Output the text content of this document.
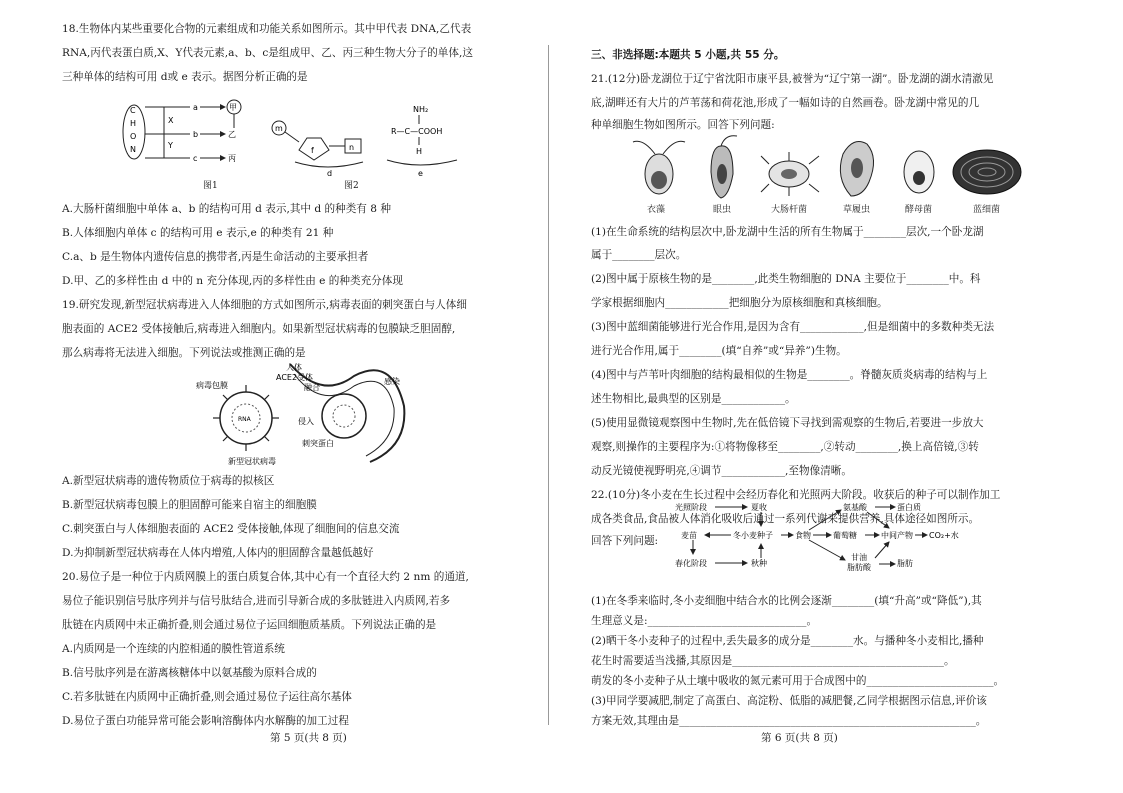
18.生物体内某些重要化合物的元素组成和功能关系如图所示。其中甲代表 DNA,乙代表
RNA,丙代表蛋白质,X、Y代表元素,a、b、c是组成甲、乙、丙三种生物大分子的单体,这
三种单体的结构可用 d或 e 表示。据图分析正确的是
C
H
O
N
X
Y
a
b
c
甲
乙
丙
图1
m
f	n
d
NH₂
R—C—COOH
H
e
图2
A.大肠杆菌细胞中单体 a、b 的结构可用 d 表示,其中 d 的种类有 8 种
B.人体细胞内单体 c 的结构可用 e 表示,e 的种类有 21 种
C.a、b 是生物体内遗传信息的携带者,丙是生命活动的主要承担者
D.甲、乙的多样性由 d 中的 n 充分体现,丙的多样性由 e 的种类充分体现
19.研究发现,新型冠状病毒进入人体细胞的方式如图所示,病毒表面的刺突蛋白与人体细
胞表面的 ACE2 受体接触后,病毒进入细胞内。如果新型冠状病毒的包膜缺乏胆固醇,
那么病毒将无法进入细胞。下列说法或推测正确的是
RNA
人体
ACE2受体
病毒包膜	融合
感染
侵入
刺突蛋白
新型冠状病毒
A.新型冠状病毒的遗传物质位于病毒的拟核区
B.新型冠状病毒包膜上的胆固醇可能来自宿主的细胞膜
C.刺突蛋白与人体细胞表面的 ACE2 受体接触,体现了细胞间的信息交流
D.为抑制新型冠状病毒在人体内增殖,人体内的胆固醇含量越低越好
20.易位子是一种位于内质网膜上的蛋白质复合体,其中心有一个直径大约 2 nm 的通道,
易位子能识别信号肽序列并与信号肽结合,进而引导新合成的多肽链进入内质网,若多
肽链在内质网中未正确折叠,则会通过易位子运回细胞质基质。下列说法正确的是
A.内质网是一个连续的内腔相通的膜性管道系统
B.信号肽序列是在游离核糖体中以氨基酸为原料合成的
C.若多肽链在内质网中正确折叠,则会通过易位子运往高尔基体
D.易位子蛋白功能异常可能会影响溶酶体内水解酶的加工过程
第 5 页(共 8 页)
三、非选择题:本题共 5 小题,共 55 分。
21.(12分)卧龙湖位于辽宁省沈阳市康平县,被誉为“辽宁第一湖”。卧龙湖的湖水清澈见
底,湖畔还有大片的芦苇荡和荷花池,形成了一幅如诗的自然画卷。卧龙湖中常见的几
种单细胞生物如图所示。回答下列问题:
衣藻	眼虫	大肠杆菌	草履虫	酵母菌	蓝细菌
(1)在生命系统的结构层次中,卧龙湖中生活的所有生物属于________层次,一个卧龙湖
属于________层次。
(2)图中属于原核生物的是________,此类生物细胞的 DNA 主要位于________中。科
学家根据细胞内____________把细胞分为原核细胞和真核细胞。
(3)图中蓝细菌能够进行光合作用,是因为含有____________,但是细菌中的多数种类无法
进行光合作用,属于________(填“自养”或“异养”)生物。
(4)图中与芦苇叶肉细胞的结构最相似的生物是________。脊髓灰质炎病毒的结构与上
述生物相比,最典型的区别是____________。
(5)使用显微镜观察图中生物时,先在低倍镜下寻找到需观察的生物后,若要进一步放大
观察,则操作的主要程序为:①将物像移至________,②转动________,换上高倍镜,③转
动反光镜使视野明亮,④调节____________,至物像清晰。
22.(10分)冬小麦在生长过程中会经历春化和光照两大阶段。收获后的种子可以制作加工
成各类食品,食品被人体消化吸收后通过一系列代谢来提供营养,具体途径如图所示。
回答下列问题:
光照阶段	夏收
麦苗	冬小麦种子	食物	葡萄糖	中间产物 CO₂+水
氨基酸	蛋白质
春化阶段	秋种
甘油
脂肪酸	脂肪
(1)在冬季来临时,冬小麦细胞中结合水的比例会逐渐________(填“升高”或“降低”),其
生理意义是:______________________________。
(2)晒干冬小麦种子的过程中,丢失最多的成分是________水。与播种冬小麦相比,播种
花生时需要适当浅播,其原因是________________________________________。
萌发的冬小麦种子从土壤中吸收的氮元素可用于合成图中的________________________。
第 6 页(共 8 页)
(3)甲同学要减肥,制定了高蛋白、高淀粉、低脂的减肥餐,乙同学根据图示信息,评价该
方案无效,其理由是________________________________________________________。
